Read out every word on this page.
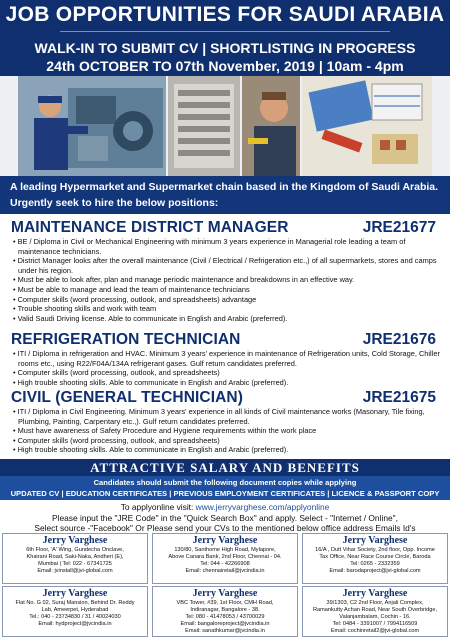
JOB OPPORTUNITIES FOR SAUDI ARABIA
WALK-IN TO SUBMIT CV | SHORTLISTING IN PROGRESS
24th OCTOBER TO 07th November, 2019 | 10am - 4pm
A leading Hypermarket and Supermarket chain based in the Kingdom of Saudi Arabia.
Urgently seek to hire the below positions:
MAINTENANCE DISTRICT MANAGER	JRE21677
• BE / Diploma in Civil or Mechanical Engineering with minimum 3 years experience in Managerial role leading a team of maintenance technicians.
• District Manager looks after the overall maintenance (Civil / Electrical / Refrigeration etc.,) of all supermarkets, stores and camps under his region.
• Must be able to look after, plan and manage periodic maintenance and breakdowns in an effective way.
• Must be able to manage and lead the team of maintenance technicians
• Computer skills (word processing, outlook, and spreadsheets) advantage
• Trouble shooting skills and work with team
• Valid Saudi Driving license. Able to communicate in English and Arabic (preferred).
REFRIGERATION TECHNICIAN	JRE21676
• ITI / Diploma in refrigeration and HVAC. Minimum 3 years' experience in maintenance of Refrigeration units, Cold Storage, Chiller rooms etc., using R22/F04A/134A refrigerant gases. Gulf return candidates preferred.
• Computer skills (word processing, outlook, and spreadsheets)
• High trouble shooting skills. Able to communicate in English and Arabic (preferred).
CIVIL (GENERAL TECHNICIAN)	JRE21675
• ITI / Diploma in Civil Engineering. Minimum 3 years' experience in all kinds of Civil maintenance works (Masonary, Tile fixing, Plumbing, Painting, Carpentary etc.,). Gulf return candidates preferred.
• Must have awareness of Safety Procedure and Hygiene requirements within the work place
• Computer skills (word processing, outlook, and spreadsheets)
• High trouble shooting skills. Able to communicate in English and Arabic (preferred).
ATTRACTIVE SALARY AND BENEFITS
Candidates should submit the following document copies while applying
UPDATED CV | EDUCATION CERTIFICATES | PREVIOUS EMPLOYMENT CERTIFICATES | LICENCE & PASSPORT COPY
To applyonline visit: www.jerryvarghese.com/applyonline
Please input the "JRE Code" in the "Quick Search Box" and apply. Select - "Internet / Online",
Select source -"Facebook" Or Please send your CVs to the mentioned below office address Emails Id's
Jerry Varghese
6th Floor, 'A' Wing, Gundecha Onclave,
Khairani Road, Saki-Naka, Andheri (E),
Mumbai | Tel: 022 - 67341725
Email: jvinstall@jvi-global.com
Jerry Varghese
130/80, Santhome High Road, Mylapore,
Above Canara Bank, 2nd Floor, Chennai - 04.
Tel: 044 - 42266908
Email: chennairetail@jvcindia.in
Jerry Varghese
16/A , Dutt Vihar Society, 2nd floor, Opp. Income
Tax Office, Near Race Course Circle, Baroda
Tel: 0265 - 2332359
Email: barodaproject@jvi-global.com
Jerry Varghese
Flat No. G 02, Suraj Mansion, Behind Dr. Reddy
Lab, Ameerpet, Hyderabad
Tel.: 040 - 23734830 / 31 / 40024030
Email: hydproject@jvcindia.in
Jerry Varghese
VBC Tower, #39, 1st Floor, CMH Road,
Indiranagar, Bangalore - 38.
Tel: 080 - 41478053 / 43700029
Email: bangaloreproject@jvcindia.in
Email: sanathkumar@jvcindia.in
Jerry Varghese
39/1303, C2 2nd Floor, Anjali Complex,
Ramankutty Achan Road, Near South Overbridge,
Valanjambalam, Cochin - 16.
Tel: 0484 - 3391007 / 7994116509
Email: cochinretail2@jvi-global.com
